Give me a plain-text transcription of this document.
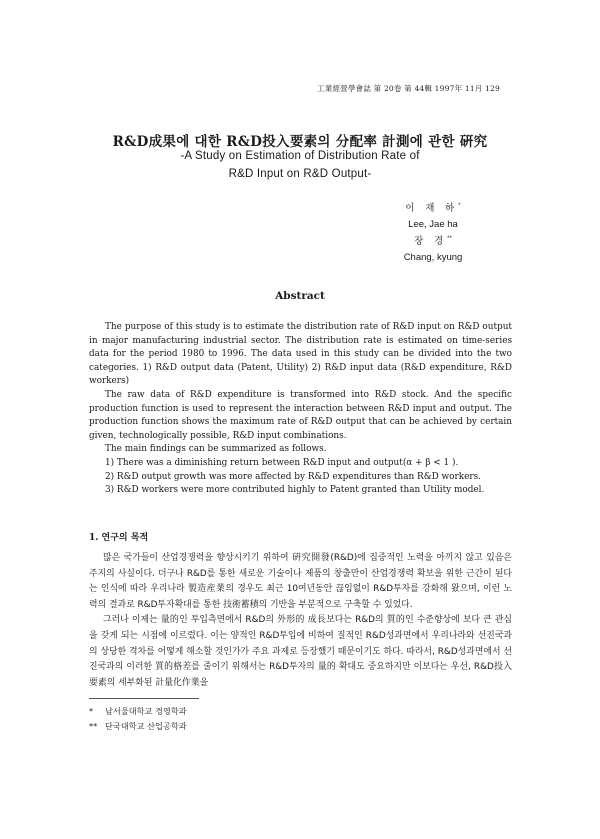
工業經營學會誌 第 20卷 第 44輯 1997年 11月 129
R&D成果에 대한 R&D投入要素의 分配率 計測에 관한 硏究
-A Study on Estimation of Distribution Rate of
R&D Input on R&D Output-
이 재 하*
Lee, Jae ha
장 경**
Chang, kyung
Abstract

The purpose of this study is to estimate the distribution rate of R&D input on R&D output in major manufacturing industrial sector. The distribution rate is estimated on time-series data for the period 1980 to 1996. The data used in this study can be divided into the two categories. 1) R&D output data (Patent, Utility) 2) R&D input data (R&D expenditure, R&D workers)

The raw data of R&D expenditure is transformed into R&D stock. And the specific production function is used to represent the interaction between R&D input and output. The production function shows the maximum rate of R&D output that can be achieved by certain given, technologically possible, R&D input combinations.

The main findings can be summarized as follows.

1) There was a diminishing return between R&D input and output(α + β < 1 ).
2) R&D output growth was more affected by R&D expenditures than R&D workers.
3) R&D workers were more contributed highly to Patent granted than Utility model.
1. 연구의 목적

많은 국가들이 산업경쟁력을 향상시키기 위하여 硏究開發(R&D)에 집중적인 노력을 아끼지 않고 있음은 주지의 사실이다. 더구나 R&D를 통한 새로운 기술이나 제품의 창출만이 산업경쟁력 확보을 위한 근간이 된다는 인식에 따라 우리나라 製造産業의 경우도 최근 10여년동안 끊임없이 R&D투자를 강화해 왔으며, 이런 노력의 결과로 R&D투자확대를 통한 技術蓄積의 기반을 부분적으로 구축할 수 있었다.

그러나 이제는 量的인 투입측면에서 R&D의 外形的 成長보다는 R&D의 質的인 수준향상에 보다 큰 관심을 갖게 되는 시점에 이르렀다. 이는 양적인 R&D투입에 비하여 질적인 R&D성과면에서 우리나라와 선진국과의 상당한 격차를 어떻게 해소할 것인가가 주요 과제로 등장했기 때문이기도 하다. 따라서, R&D성과면에서 선진국과의 이러한 質的格差를 줄이기 위해서는 R&D투자의 量的 확대도 중요하지만 이보다는 우선, R&D投入要素의 세부화된 計量化作業을

* 남서울대학교 경영학과
** 단국대학교 산업공학과
